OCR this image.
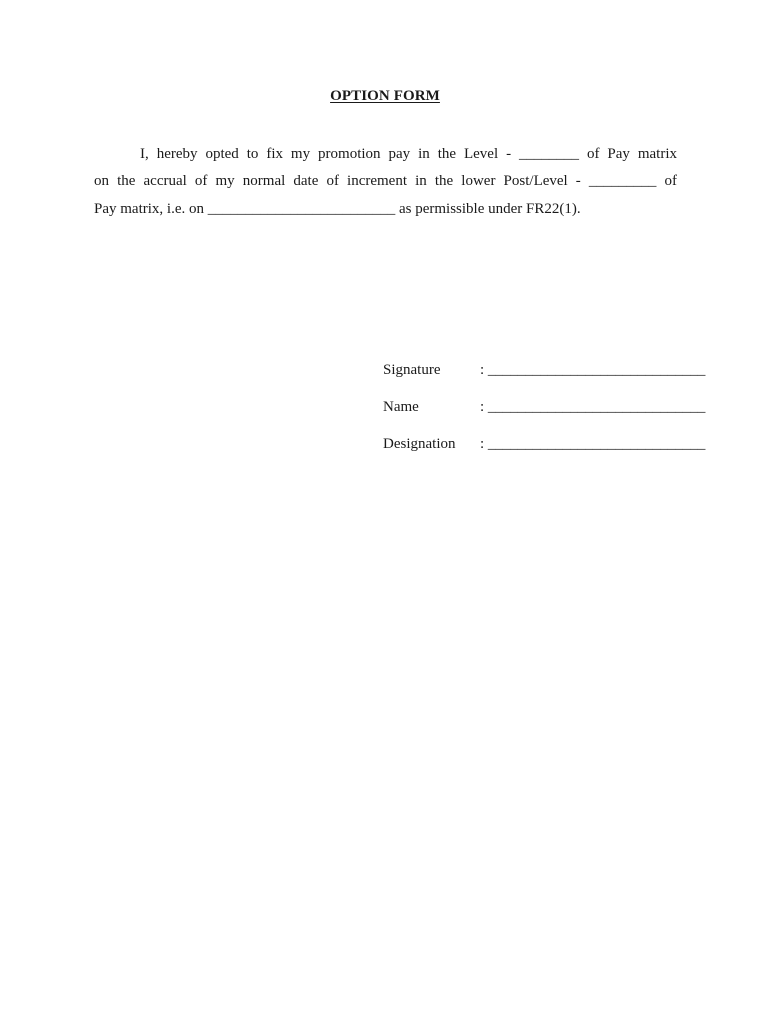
OPTION FORM
I, hereby opted to fix my promotion pay in the Level - ________ of Pay matrix
on the accrual of my normal date of increment in the lower Post/Level - _________ of
Pay matrix, i.e. on _________________________ as permissible under FR22(1).

Signature	: _____________________________

Name	: _____________________________

Designation : _____________________________
